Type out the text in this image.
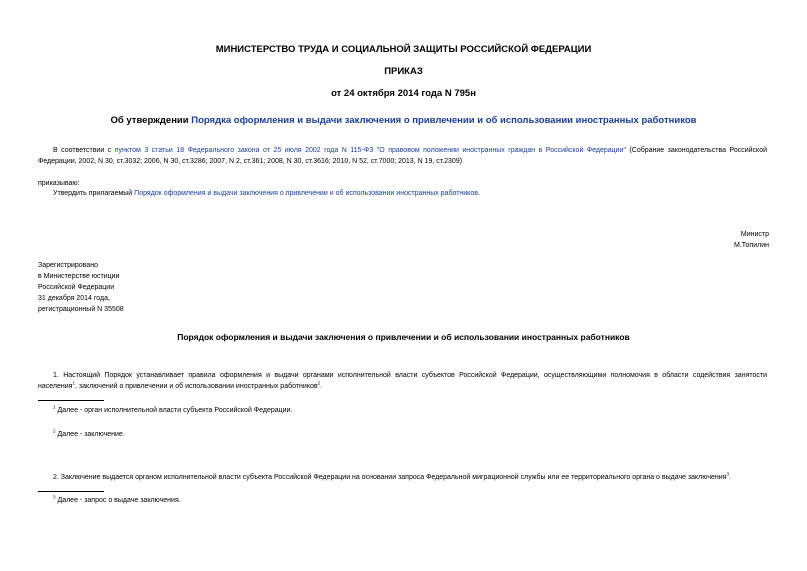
МИНИСТЕРСТВО ТРУДА И СОЦИАЛЬНОЙ ЗАЩИТЫ РОССИЙСКОЙ ФЕДЕРАЦИИ
ПРИКАЗ
от 24 октября 2014 года N 795н
Об утверждении Порядка оформления и выдачи заключения о привлечении и об использовании иностранных работников
В соответствии с пунктом 3 статьи 18 Федерального закона от 25 июля 2002 года N 115-ФЗ "О правовом положении иностранных граждан в Российской Федерации" (Собрание законодательства Российской
Федерации, 2002, N 30, ст.3032; 2006, N 30, ст.3286; 2007, N 2, ст.361; 2008, N 30, ст.3616; 2010, N 52, ст.7000; 2013, N 19, ст.2309)
приказываю:
Утвердить прилагаемый Порядок оформления и выдачи заключения о привлечении и об использовании иностранных работников.
Министр
М.Топилин
Зарегистрировано
в Министерстве юстиции
Российской Федерации
31 декабря 2014 года,
регистрационный N 35508
Порядок оформления и выдачи заключения о привлечении и об использовании иностранных работников
1. Настоящий Порядок устанавливает правила оформления и выдачи органами исполнительной власти субъектов Российской Федерации, осуществляющими полномочия в области содействия занятости
населения$^1$, заключений о привлечении и об использовании иностранных работников$^2$.
$^1$ Далее - орган исполнительной власти субъекта Российской Федерации.
$^2$ Далее - заключение.
2. Заключение выдается органом исполнительной власти субъекта Российской Федерации на основании запроса Федеральной миграционной службы или ее территориального органа о выдаче заключения$^3$.
$^3$ Далее - запрос о выдаче заключения.
